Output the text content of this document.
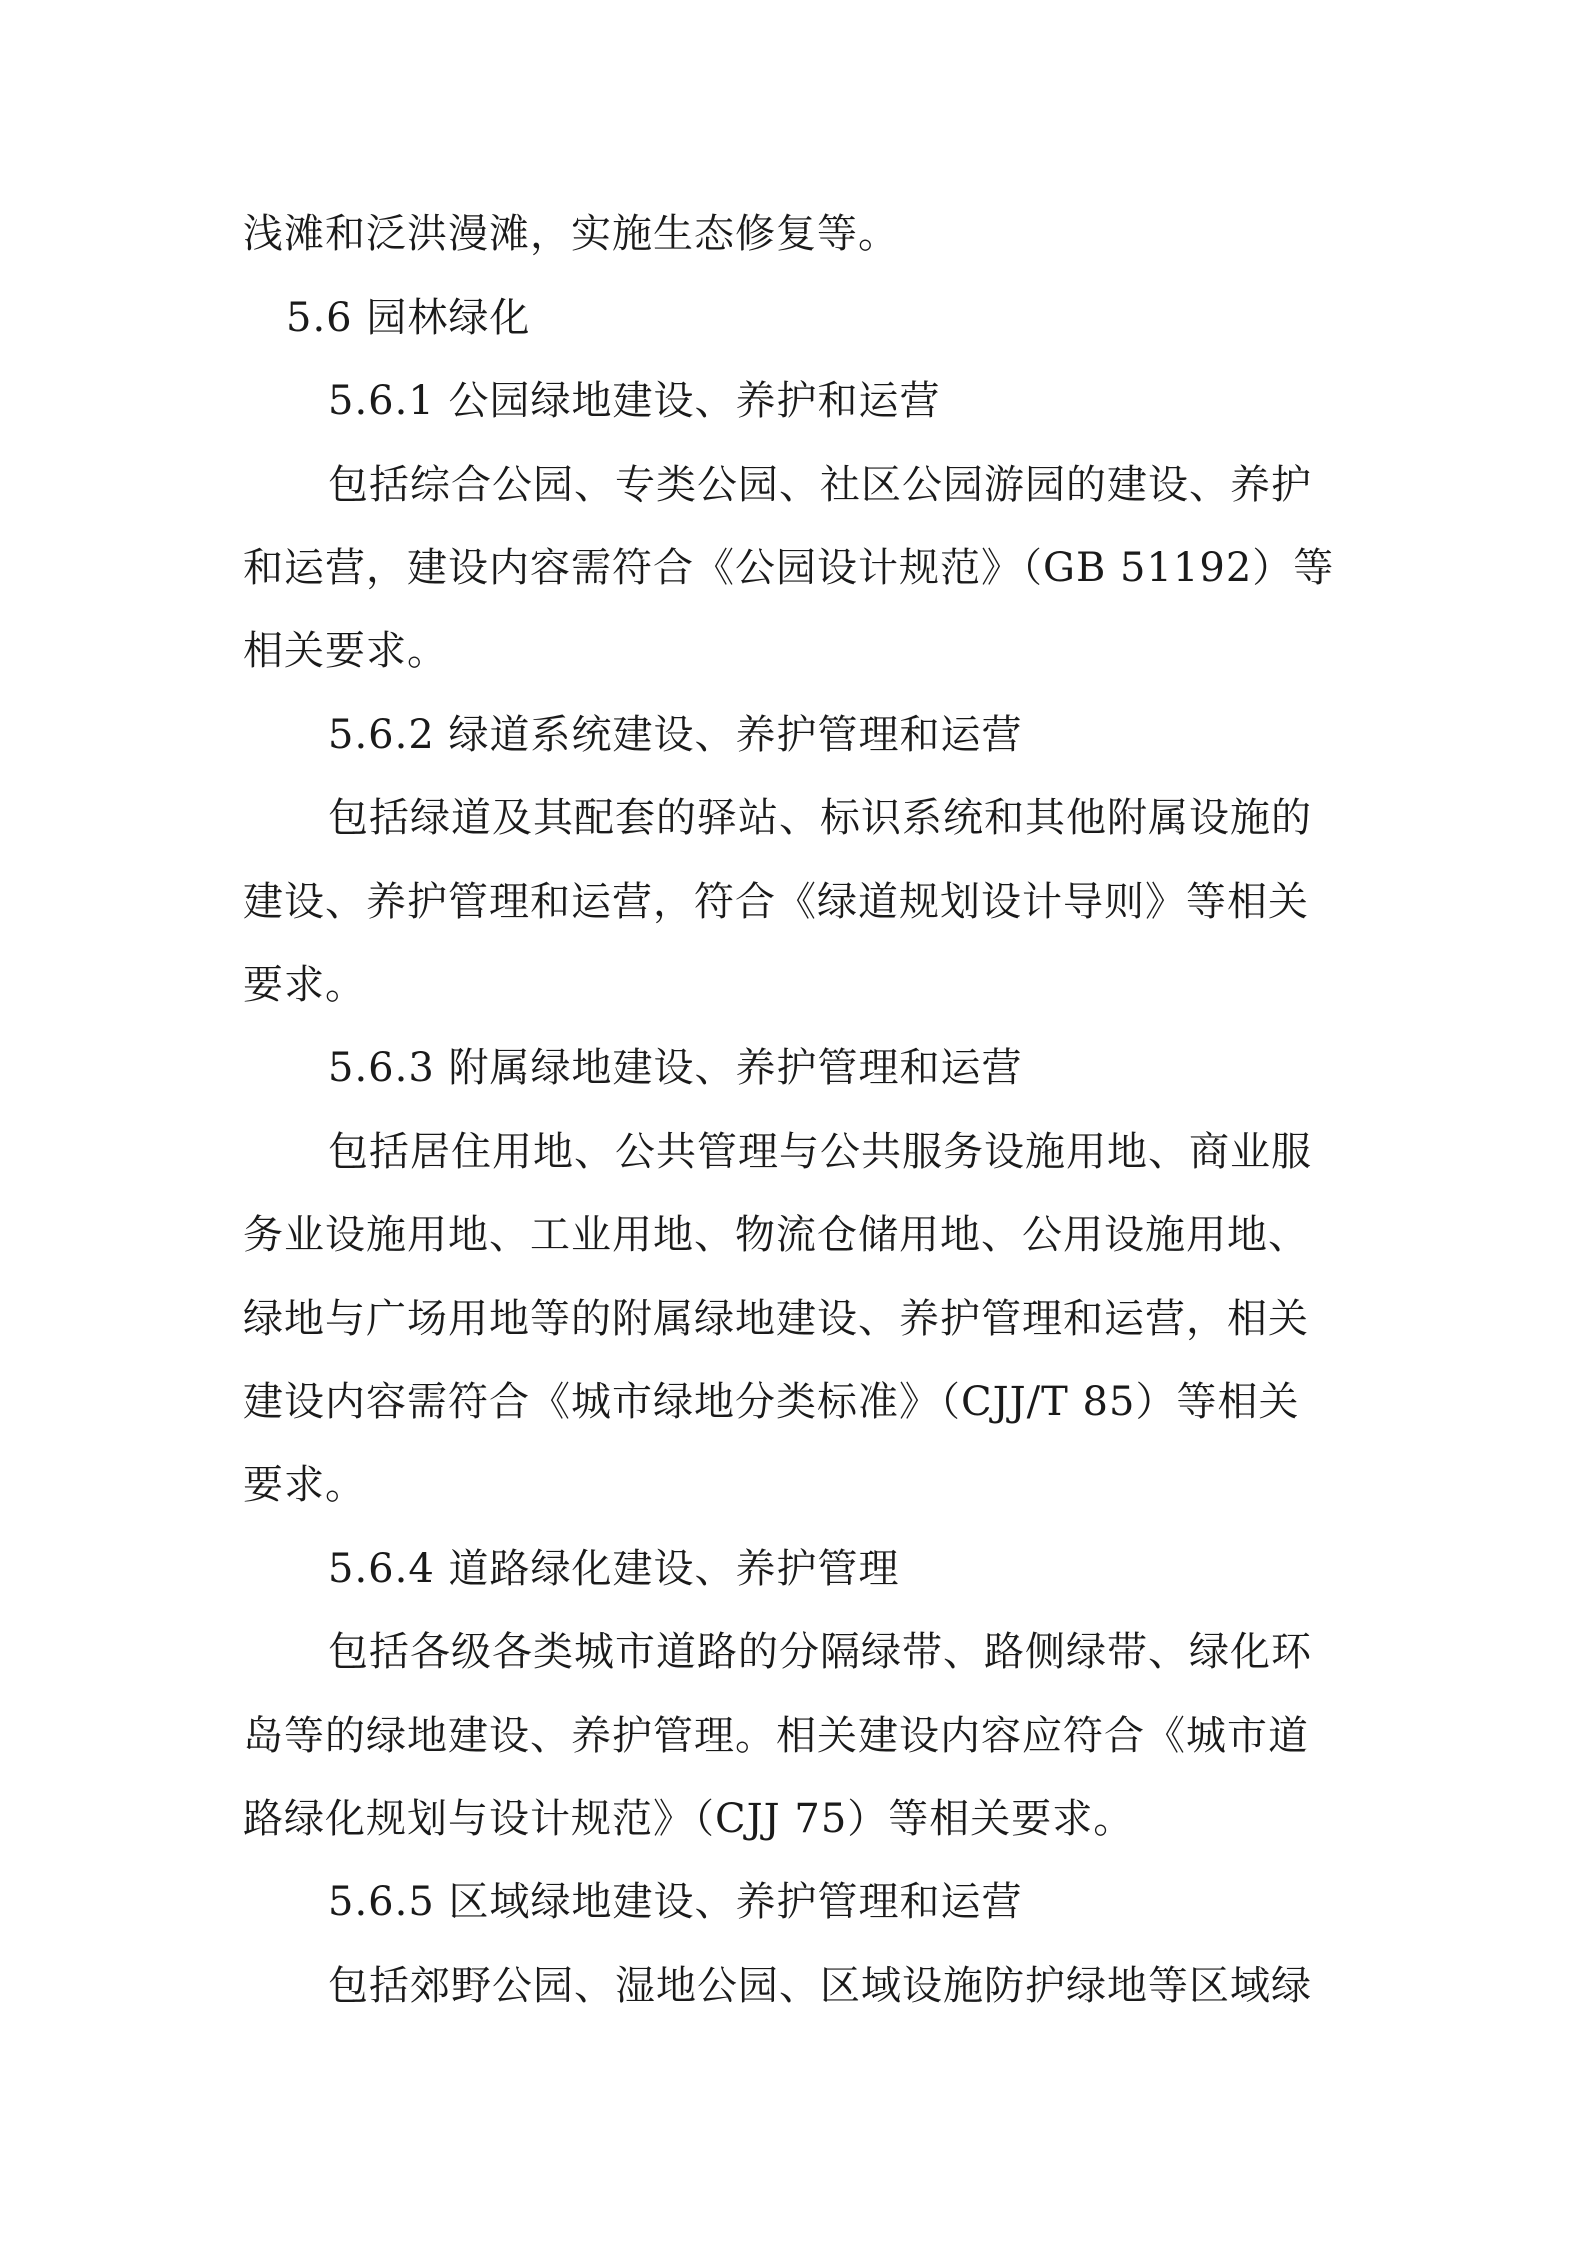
浅滩和泛洪漫滩，实施生态修复等。
5.6 园林绿化
5.6.1 公园绿地建设、养护和运营
包括综合公园、专类公园、社区公园游园的建设、养护
和运营，建设内容需符合《公园设计规范》（GB 51192）等
相关要求。
5.6.2 绿道系统建设、养护管理和运营
包括绿道及其配套的驿站、标识系统和其他附属设施的
建设、养护管理和运营，符合《绿道规划设计导则》等相关
要求。
5.6.3 附属绿地建设、养护管理和运营
包括居住用地、公共管理与公共服务设施用地、商业服
务业设施用地、工业用地、物流仓储用地、公用设施用地、
绿地与广场用地等的附属绿地建设、养护管理和运营，相关
建设内容需符合《城市绿地分类标准》（CJJ/T 85）等相关
要求。
5.6.4 道路绿化建设、养护管理
包括各级各类城市道路的分隔绿带、路侧绿带、绿化环
岛等的绿地建设、养护管理。相关建设内容应符合《城市道
路绿化规划与设计规范》（CJJ 75）等相关要求。
5.6.5 区域绿地建设、养护管理和运营
包括郊野公园、湿地公园、区域设施防护绿地等区域绿
